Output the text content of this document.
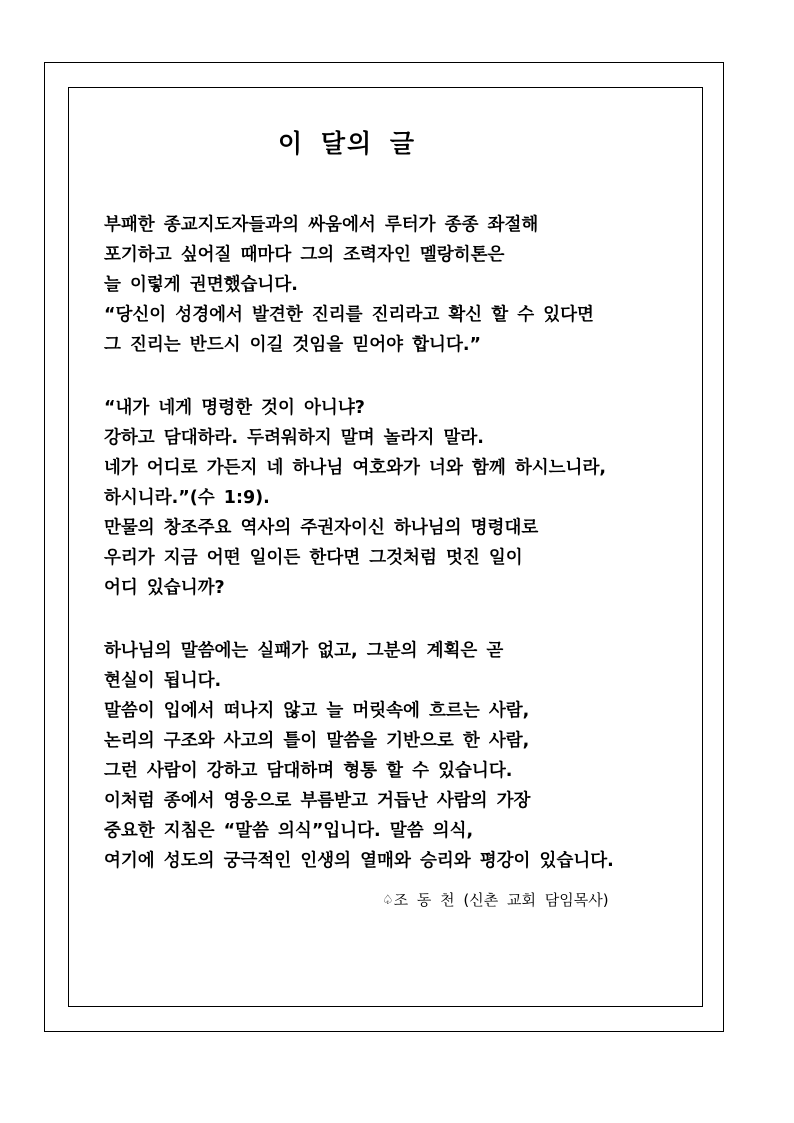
이 달의 글
부패한 종교지도자들과의 싸움에서 루터가 종종 좌절해
포기하고 싶어질 때마다 그의 조력자인 멜랑히톤은
늘 이렇게 권면했습니다.
“당신이 성경에서 발견한 진리를 진리라고 확신 할 수 있다면
그 진리는 반드시 이길 것임을 믿어야 합니다.”
“내가 네게 명령한 것이 아니냐?
강하고 담대하라. 두려워하지 말며 놀라지 말라.
네가 어디로 가든지 네 하나님 여호와가 너와 함께 하시느니라,
하시니라.”(수 1:9).
만물의 창조주요 역사의 주권자이신 하나님의 명령대로
우리가 지금 어떤 일이든 한다면 그것처럼 멋진 일이
어디 있습니까?
하나님의 말씀에는 실패가 없고, 그분의 계획은 곧
현실이 됩니다.
말씀이 입에서 떠나지 않고 늘 머릿속에 흐르는 사람,
논리의 구조와 사고의 틀이 말씀을 기반으로 한 사람,
그런 사람이 강하고 담대하며 형통 할 수 있습니다.
이처럼 종에서 영웅으로 부름받고 거듭난 사람의 가장
중요한 지침은 “말씀 의식”입니다. 말씀 의식,
여기에 성도의 궁극적인 인생의 열매와 승리와 평강이 있습니다.
♤조 동 천 (신촌 교회 담임목사)
